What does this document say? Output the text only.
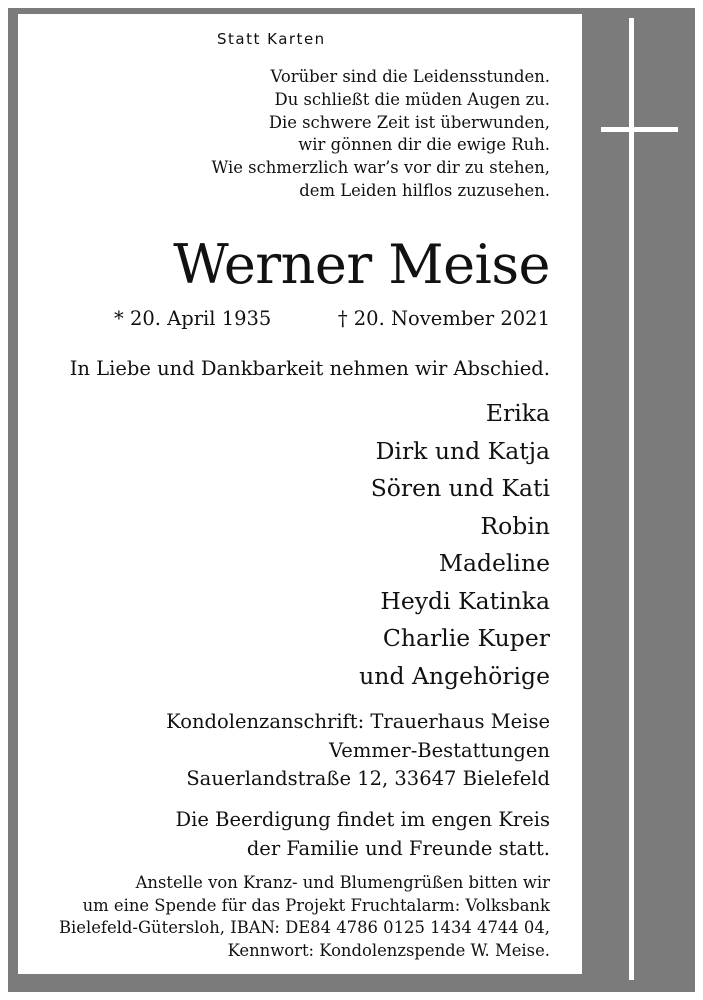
Statt Karten

Vorüber sind die Leidensstunden.
Du schließt die müden Augen zu.
Die schwere Zeit ist überwunden,
wir gönnen dir die ewige Ruh.
Wie schmerzlich war’s vor dir zu stehen,
dem Leiden hilflos zuzusehen.
Werner Meise
* 20. April 1935	† 20. November 2021

In Liebe und Dankbarkeit nehmen wir Abschied.

Erika
Dirk und Katja
Sören und Kati
Robin
Madeline
Heydi Katinka
Charlie Kuper
und Angehörige
Kondolenzanschrift: Trauerhaus Meise
Vemmer-Bestattungen
Sauerlandstraße 12, 33647 Bielefeld
Die Beerdigung findet im engen Kreis
der Familie und Freunde statt.
Anstelle von Kranz- und Blumengrüßen bitten wir
um eine Spende für das Projekt Fruchtalarm: Volksbank
Bielefeld-Gütersloh, IBAN: DE84 4786 0125 1434 4744 04,
Kennwort: Kondolenzspende W. Meise.
